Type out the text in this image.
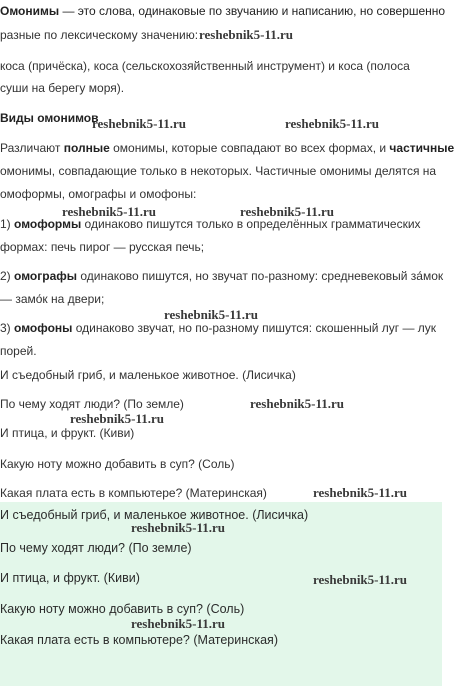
Омонимы — это слова, одинаковые по звучанию и написанию, но совершенно

разные по лексическому значению:

коса (причёска), коса (сельскохозяйственный инструмент) и коса (полоса

суши на берегу моря).

Виды омонимов

Различают полные омонимы, которые совпадают во всех формах, и частичные

омонимы, совпадающие только в некоторых. Частичные омонимы делятся на

омоформы, омографы и омофоны:

1) омоформы одинаково пишутся только в определённых грамматических

формах: печь пирог — русская печь;

2) омографы одинаково пишутся, но звучат по-разному: средневековый за́мок

— замо́к на двери;

3) омофоны одинаково звучат, но по-разному пишутся: скошенный луг — лук

порей.

И съедобный гриб, и маленькое животное. (Лисичка)

По чему ходят люди? (По земле)

И птица, и фрукт. (Киви)

Какую ноту можно добавить в суп? (Соль)

Какая плата есть в компьютере? (Материнская)

И съедобный гриб, и маленькое животное. (Лисичка)

По чему ходят люди? (По земле)

И птица, и фрукт. (Киви)

Какую ноту можно добавить в суп? (Соль)

Какая плата есть в компьютере? (Материнская)

reshebnik5-11.ru
reshebnik5-11.ru	reshebnik5-11.ru
reshebnik5-11.ru	reshebnik5-11.ru
reshebnik5-11.ru
reshebnik5-11.ru
reshebnik5-11.ru
reshebnik5-11.ru
reshebnik5-11.ru
reshebnik5-11.ru
reshebnik5-11.ru
